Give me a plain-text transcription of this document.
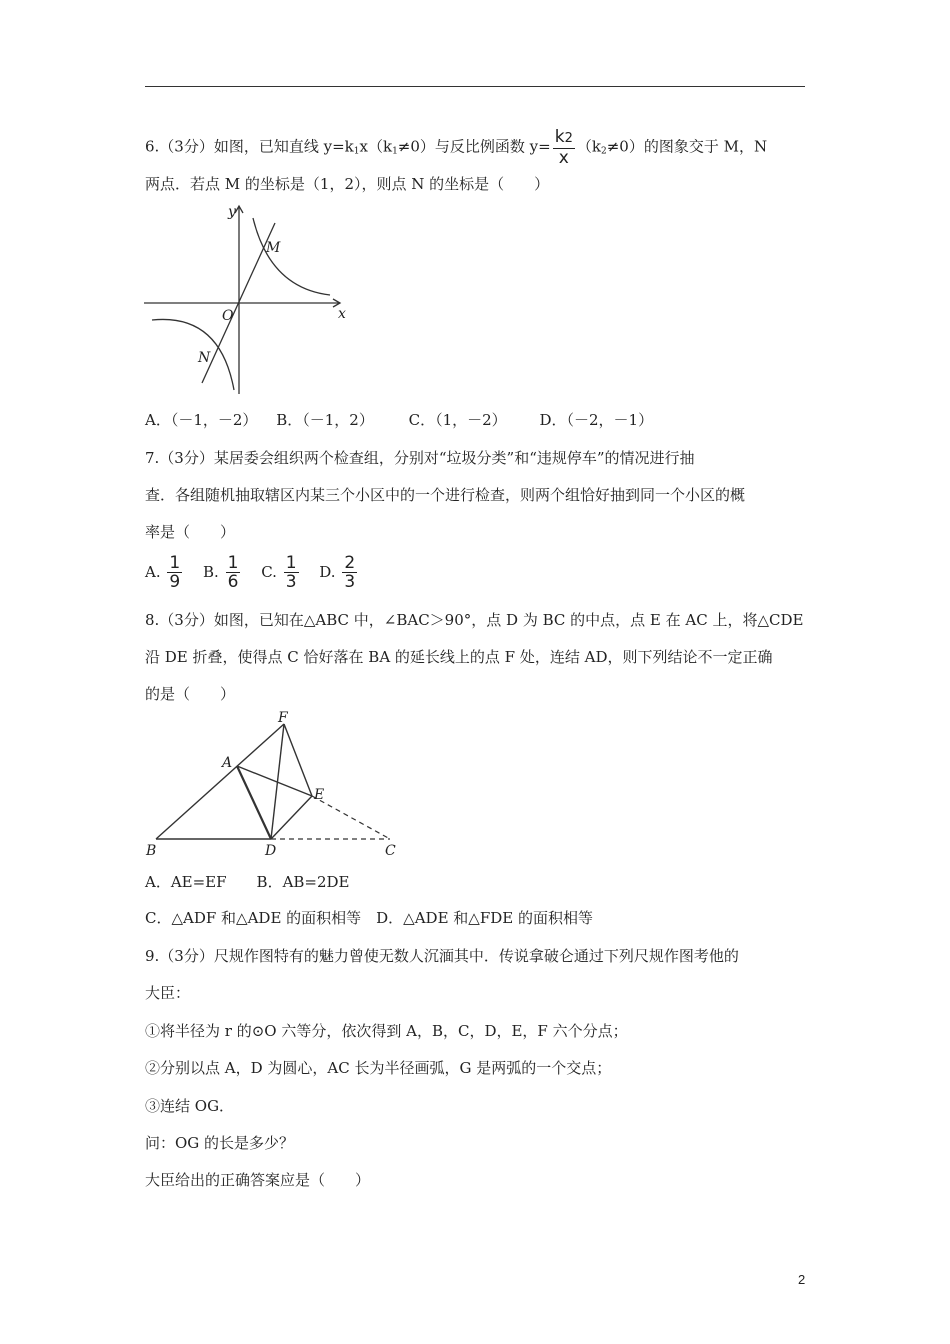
6.（3分）如图，已知直线 $y=k_1x(k_1\ne 0)$与反比例函数 $y= \frac{k2}{x} (k_2\ne 0)$的图象交于 M，N
两点．若点 M 的坐标是（1，2），则点 N 的坐标是（　　）
y
x
O
M
N
A．（－1，－2） B．（－1，2） C．（1，－2） D．（－2，－1）
7.（3分）某居委会组织两个检查组，分别对“垃圾分类”和“违规停车”的情况进行抽
查．各组随机抽取辖区内某三个小区中的一个进行检查，则两个组恰好抽到同一个小区的概
率是（　　）
A. $\frac{1}{9} B$. $\frac{1}{6} C$. $\frac{1}{3} D$. $\frac{2}{3}$
8.（3分）如图，已知在△ABC 中，∠BAC＞90°，点 D 为 BC 的中点，点 E 在 AC 上，将△CDE
沿 DE 折叠，使得点 C 恰好落在 BA 的延长线上的点 F 处，连结 AD，则下列结论不一定正确
的是（　　）
B	D	C
A
F
E
A．AE=EF　　B．AB=2DE
C．△ADF 和△ADE 的面积相等　D．△ADE 和△FDE 的面积相等
9.（3分）尺规作图特有的魅力曾使无数人沉湎其中．传说拿破仑通过下列尺规作图考他的
大臣：
①将半径为 r 的⊙O 六等分，依次得到 A，B，C，D，E，F 六个分点；
②分别以点 A，D 为圆心，AC 长为半径画弧，G 是两弧的一个交点；
③连结 OG．
问：OG 的长是多少？
大臣给出的正确答案应是（　　）
2
